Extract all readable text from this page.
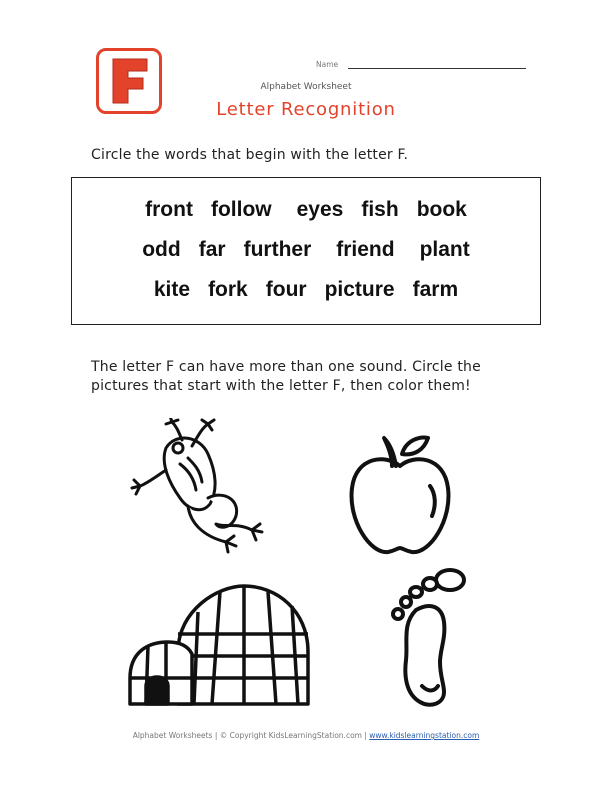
Name
Alphabet Worksheet
Letter Recognition
Circle the words that begin with the letter F.
front follow eyes fish book
odd far further friend plant
kite fork four picture farm
The letter F can have more than one sound. Circle the pictures that start with the letter F, then color them!
Alphabet Worksheets | © Copyright KidsLearningStation.com | www.kidslearningstation.com
